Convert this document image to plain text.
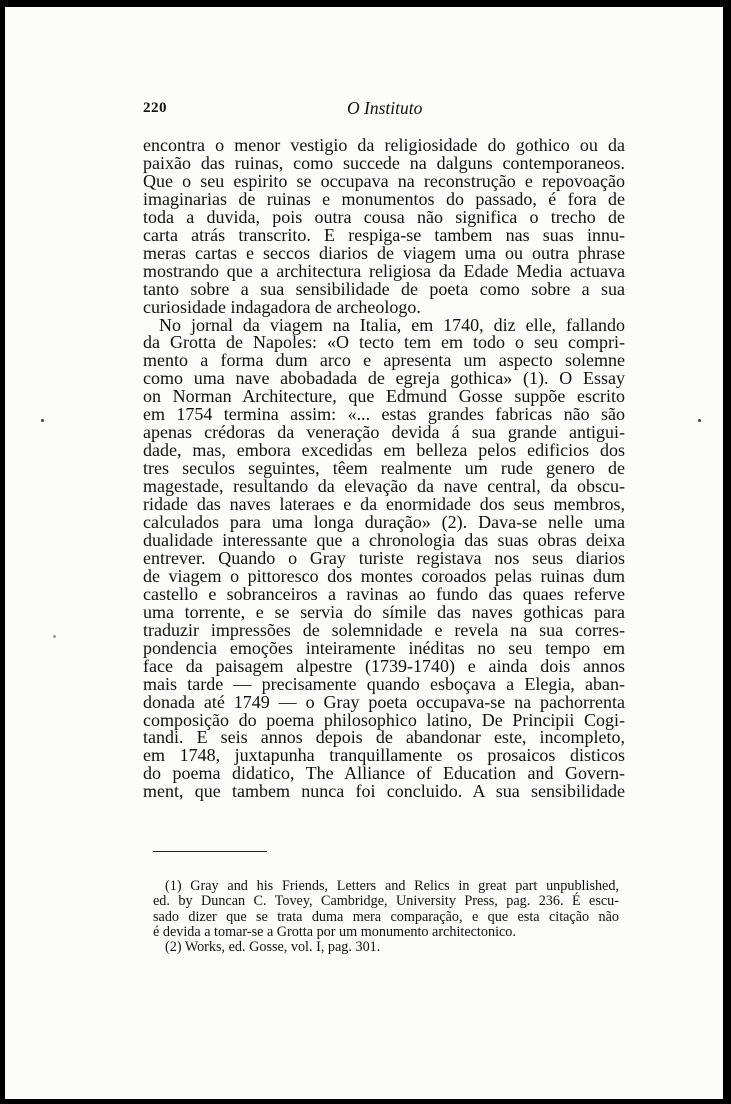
220	O Instituto
encontra o menor vestigio da religiosidade do gothico ou da
paixão das ruinas, como succede na dalguns contemporaneos.
Que o seu espirito se occupava na reconstrução e repovoação
imaginarias de ruinas e monumentos do passado, é fora de
toda a duvida, pois outra cousa não significa o trecho de
carta atrás transcrito. E respiga-se tambem nas suas innu-
meras cartas e seccos diarios de viagem uma ou outra phrase
mostrando que a architectura religiosa da Edade Media actuava
tanto sobre a sua sensibilidade de poeta como sobre a sua
curiosidade indagadora de archeologo.
No jornal da viagem na Italia, em 1740, diz elle, fallando
da Grotta de Napoles: «O tecto tem em todo o seu compri-
mento a forma dum arco e apresenta um aspecto solemne
como uma nave abobadada de egreja gothica» (1). O Essay
on Norman Architecture, que Edmund Gosse suppõe escrito
em 1754 termina assim: «... estas grandes fabricas não são
apenas crédoras da veneração devida á sua grande antigui-
dade, mas, embora excedidas em belleza pelos edificios dos
tres seculos seguintes, têem realmente um rude genero de
magestade, resultando da elevação da nave central, da obscu-
ridade das naves lateraes e da enormidade dos seus membros,
calculados para uma longa duração» (2). Dava-se nelle uma
dualidade interessante que a chronologia das suas obras deixa
entrever. Quando o Gray turiste registava nos seus diarios
de viagem o pittoresco dos montes coroados pelas ruinas dum
castello e sobranceiros a ravinas ao fundo das quaes referve
uma torrente, e se servia do símile das naves gothicas para
traduzir impressões de solemnidade e revela na sua corres-
pondencia emoções inteiramente inéditas no seu tempo em
face da paisagem alpestre (1739-1740) e ainda dois annos
mais tarde — precisamente quando esboçava a Elegia, aban-
donada até 1749 — o Gray poeta occupava-se na pachorrenta
composição do poema philosophico latino, De Principii Cogi-
tandi. E seis annos depois de abandonar este, incompleto,
em 1748, juxtapunha tranquillamente os prosaicos disticos
do poema didatico, The Alliance of Education and Govern-
ment, que tambem nunca foi concluido. A sua sensibilidade
(1) Gray and his Friends, Letters and Relics in great part unpublished,
ed. by Duncan C. Tovey, Cambridge, University Press, pag. 236. É escu-
sado dizer que se trata duma mera comparação, e que esta citação não
é devida a tomar-se a Grotta por um monumento architectonico.
(2) Works, ed. Gosse, vol. I, pag. 301.
